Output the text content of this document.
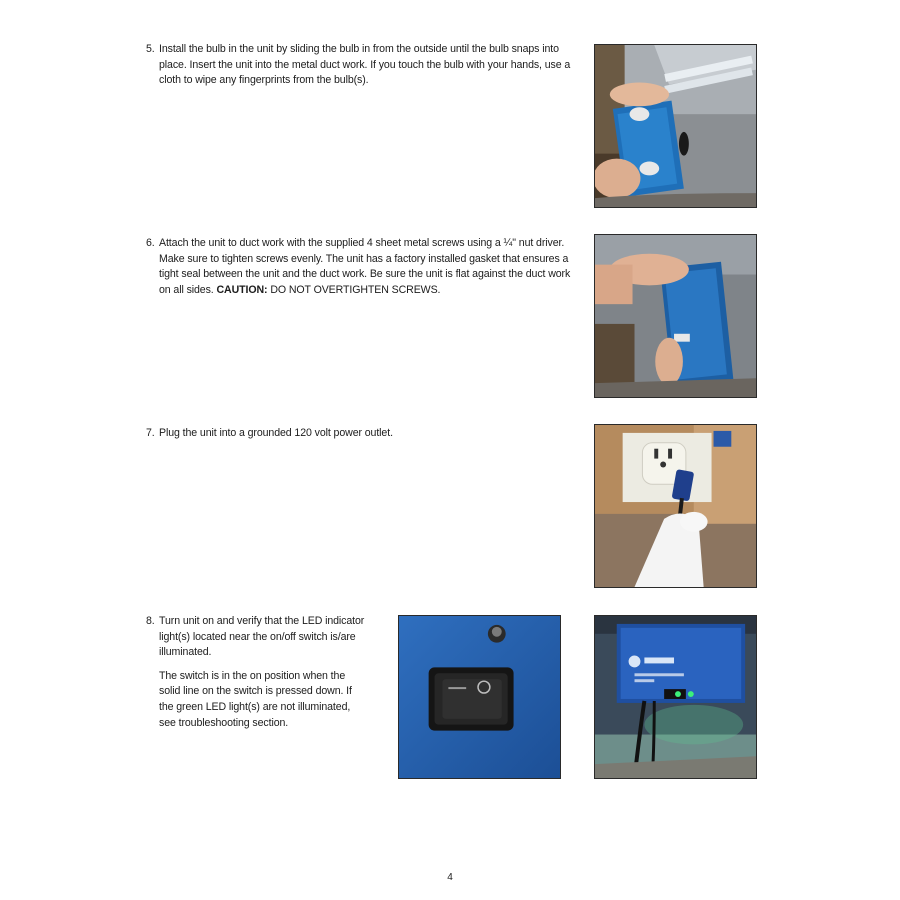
5. Install the bulb in the unit by sliding the bulb in from the outside until the bulb snaps into place. Insert the unit into the metal duct work. If you touch the bulb with your hands, use a cloth to wipe any fingerprints from the bulb(s).

6. Attach the unit to duct work with the supplied 4 sheet metal screws using a ¼" nut driver. Make sure to tighten screws evenly. The unit has a factory installed gasket that ensures a tight seal between the unit and the duct work. Be sure the unit is flat against the duct work on all sides. CAUTION: DO NOT OVERTIGHTEN SCREWS.

7. Plug the unit into a grounded 120 volt power outlet.

8. Turn unit on and verify that the LED indicator light(s) located near the on/off switch is/are illuminated.

The switch is in the on position when the solid line on the switch is pressed down. If the green LED light(s) are not illuminated, see troubleshooting section.

4
